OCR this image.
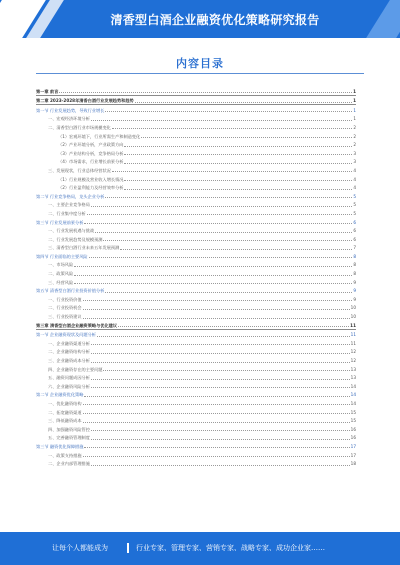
清香型白酒企业融资优化策略研究报告
内容目录
第一章 前言	1
第二章 2023-2028年清香白酒行业发展趋势和趋势	1
第一节 行业发展趋势，导致行业增长	1
一、宏观经济环境分析	1
二、清香型白酒行业市场规模变化	2
（1）宏观环境下，行业所需生产和制造变化	2
（2）产业环境分析，产业政策方向	2
（3）产业结构分析，竞争格局分析	3
（4）市场需求，行业增长前景分析	3
三、发展现状，行业总体经营状况	4
（1）行业规模及营业收入增长情况	4
（2）行业盈利能力及经营效率分析	4
第二节 行业竞争格局，龙头企业分析	5
一、主要企业竞争格局	5
二、行业集中度分析	5
第三节 行业发展前景分析	6
一、行业发展机遇与挑战	6
二、行业发展趋势及规模预测	6
三、清香型白酒行业未来五年发展预测	7
第四节 行业面临的主要风险	8
一、市场风险	8
二、政策风险	8
三、经营风险	9
第五节 清香型白酒行业投资价值分析	9
一、行业投资价值	9
二、行业投资机会	10
三、行业投资建议	10
第三章 清香型白酒企业融资策略与优化建议	11
第一节 企业融资现状及问题分析	11
一、企业融资渠道分析	11
二、企业融资结构分析	12
三、企业融资成本分析	12
四、企业融资存在的主要问题	13
五、融资问题成因分析	13
六、企业融资风险分析	14
第二节 企业融资优化策略	14
一、优化融资结构	14
二、拓宽融资渠道	15
三、降低融资成本	15
四、加强融资风险管控	16
五、完善融资管理制度	16
第三节 融资优化保障措施	17
一、政策支持措施	17
二、企业内部管理措施	18
让每个人都能成为	行业专家、管理专家、营销专家、战略专家、成功企业家……
